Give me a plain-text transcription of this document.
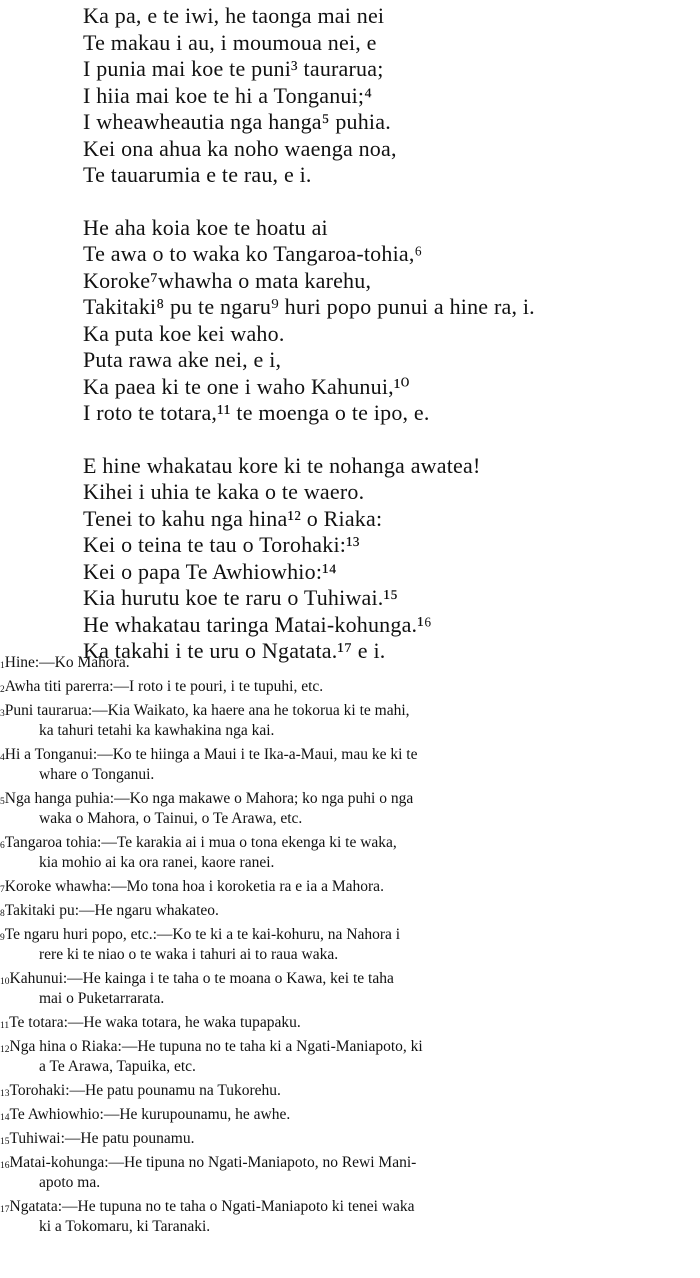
Ka pa, e te iwi, he taonga mai nei
Te makau i au, i moumoua nei, e
I punia mai koe te puni³ taurarua;
I hiia mai koe te hi a Tonganui;⁴
I wheawheautia nga hanga⁵ puhia.
Kei ona ahua ka noho waenga noa,
Te tauarumia e te rau, e i.
He aha koia koe te hoatu ai
Te awa o to waka ko Tangaroa-tohia,⁶
Koroke⁷whawha o mata karehu,
Takitaki⁸ pu te ngaru⁹ huri popo punui a hine ra, i.
Ka puta koe kei waho.
Puta rawa ake nei, e i,
Ka paea ki te one i waho Kahunui,¹⁰
I roto te totara,¹¹ te moenga o te ipo, e.
E hine whakatau kore ki te nohanga awatea!
Kihei i uhia te kaka o te waero.
Tenei to kahu nga hina¹² o Riaka:
Kei o teina te tau o Torohaki:¹³
Kei o papa Te Awhiowhio:¹⁴
Kia hurutu koe te raru o Tuhiwai.¹⁵
He whakatau taringa Matai-kohunga.¹⁶
Ka takahi i te uru o Ngatata.¹⁷ e i.
$^1$Hine:—Ko Mahora.
$^2$Awha titi parerra:—I roto i te pouri, i te tupuhi, etc.
$^3$Puni taurarua:—Kia Waikato, ka haere ana he tokorua ki te mahi,
ka tahuri tetahi ka kawhakina nga kai.
$^4$Hi a Tonganui:—Ko te hiinga a Maui i te Ika-a-Maui, mau ke ki te
whare o Tonganui.
$^5$Nga hanga puhia:—Ko nga makawe o Mahora; ko nga puhi o nga
waka o Mahora, o Tainui, o Te Arawa, etc.
$^6$Tangaroa tohia:—Te karakia ai i mua o tona ekenga ki te waka,
kia mohio ai ka ora ranei, kaore ranei.
$^7$Koroke whawha:—Mo tona hoa i koroketia ra e ia a Mahora.
$^8$Takitaki pu:—He ngaru whakateo.
$^9$Te ngaru huri popo, etc.:—Ko te ki a te kai-kohuru, na Nahora i
rere ki te niao o te waka i tahuri ai to raua waka.
$^{10}$Kahunui:—He kainga i te taha o te moana o Kawa, kei te taha
mai o Puketarrarata.
$^{11}$Te totara:—He waka totara, he waka tupapaku.
$^{12}$Nga hina o Riaka:—He tupuna no te taha ki a Ngati-Maniapoto, ki
a Te Arawa, Tapuika, etc.
$^{13}$Torohaki:—He patu pounamu na Tukorehu.
$^{14}$Te Awhiowhio:—He kurupounamu, he awhe.
$^{15}$Tuhiwai:—He patu pounamu.
$^{16}$Matai-kohunga:—He tipuna no Ngati-Maniapoto, no Rewi Mani-
apoto ma.
$^{17}$Ngatata:—He tupuna no te taha o Ngati-Maniapoto ki tenei waka
ki a Tokomaru, ki Taranaki.
